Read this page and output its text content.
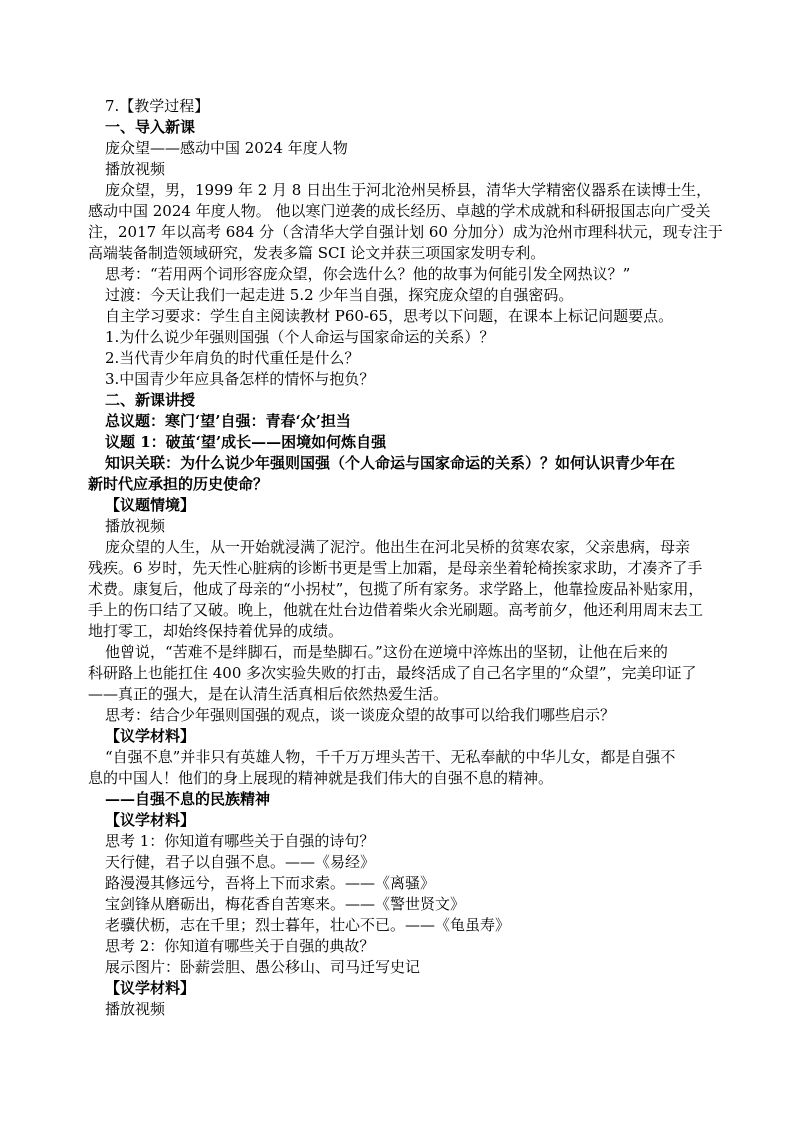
7.【教学过程】
一、导入新课
庞众望——感动中国 2024 年度人物
播放视频
庞众望，男，1999 年 2 月 8 日出生于河北沧州吴桥县，清华大学精密仪器系在读博士生，
感动中国 2024 年度人物。 他以寒门逆袭的成长经历、卓越的学术成就和科研报国志向广受关
注，2017 年以高考 684 分（含清华大学自强计划 60 分加分）成为沧州市理科状元，现专注于
高端装备制造领域研究，发表多篇 SCI 论文并获三项国家发明专利。
思考：“若用两个词形容庞众望，你会选什么？他的故事为何能引发全网热议？”
过渡：今天让我们一起走进 5.2 少年当自强，探究庞众望的自强密码。
自主学习要求：学生自主阅读教材 P60-65，思考以下问题，在课本上标记问题要点。
1.为什么说少年强则国强（个人命运与国家命运的关系）？
2.当代青少年肩负的时代重任是什么？
3.中国青少年应具备怎样的情怀与抱负？
二、新课讲授
总议题：寒门‘望’自强：青春‘众’担当
议题 1：破茧‘望’成长——困境如何炼自强
知识关联：为什么说少年强则国强（个人命运与国家命运的关系）？如何认识青少年在
新时代应承担的历史使命？
【议题情境】
播放视频
庞众望的人生，从一开始就浸满了泥泞。他出生在河北吴桥的贫寒农家，父亲患病，母亲
残疾。6 岁时，先天性心脏病的诊断书更是雪上加霜，是母亲坐着轮椅挨家求助，才凑齐了手
术费。康复后，他成了母亲的“小拐杖”，包揽了所有家务。求学路上，他靠捡废品补贴家用，
手上的伤口结了又破。晚上，他就在灶台边借着柴火余光刷题。高考前夕，他还利用周末去工
地打零工，却始终保持着优异的成绩。
他曾说，“苦难不是绊脚石，而是垫脚石。”这份在逆境中淬炼出的坚韧，让他在后来的
科研路上也能扛住 400 多次实验失败的打击，最终活成了自己名字里的“众望”，完美印证了
——真正的强大，是在认清生活真相后依然热爱生活。
思考：结合少年强则国强的观点，谈一谈庞众望的故事可以给我们哪些启示？
【议学材料】
“自强不息”并非只有英雄人物，千千万万埋头苦干、无私奉献的中华儿女，都是自强不
息的中国人！他们的身上展现的精神就是我们伟大的自强不息的精神。
——自强不息的民族精神
【议学材料】
思考 1：你知道有哪些关于自强的诗句？
天行健，君子以自强不息。——《易经》
路漫漫其修远兮，吾将上下而求索。——《离骚》
宝剑锋从磨砺出，梅花香自苦寒来。——《警世贤文》
老骥伏枥，志在千里；烈士暮年，壮心不已。——《龟虽寿》
思考 2：你知道有哪些关于自强的典故？
展示图片：卧薪尝胆、愚公移山、司马迁写史记
【议学材料】
播放视频
